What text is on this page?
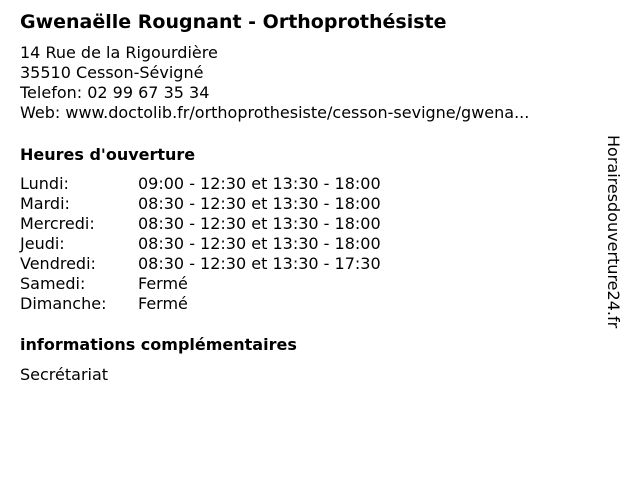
Gwenaëlle Rougnant - Orthoprothésiste
14 Rue de la Rigourdière
35510 Cesson-Sévigné
Telefon: 02 99 67 35 34
Web: www.doctolib.fr/orthoprothesiste/cesson-sevigne/gwena...
Heures d'ouverture
Lundi:	09:00 - 12:30 et 13:30 - 18:00
Mardi:	08:30 - 12:30 et 13:30 - 18:00
Mercredi:	08:30 - 12:30 et 13:30 - 18:00
Jeudi:	08:30 - 12:30 et 13:30 - 18:00
Vendredi:	08:30 - 12:30 et 13:30 - 17:30
Samedi:	Fermé
Dimanche:	Fermé
informations complémentaires
Secrétariat
Horairesdouverture24.fr
